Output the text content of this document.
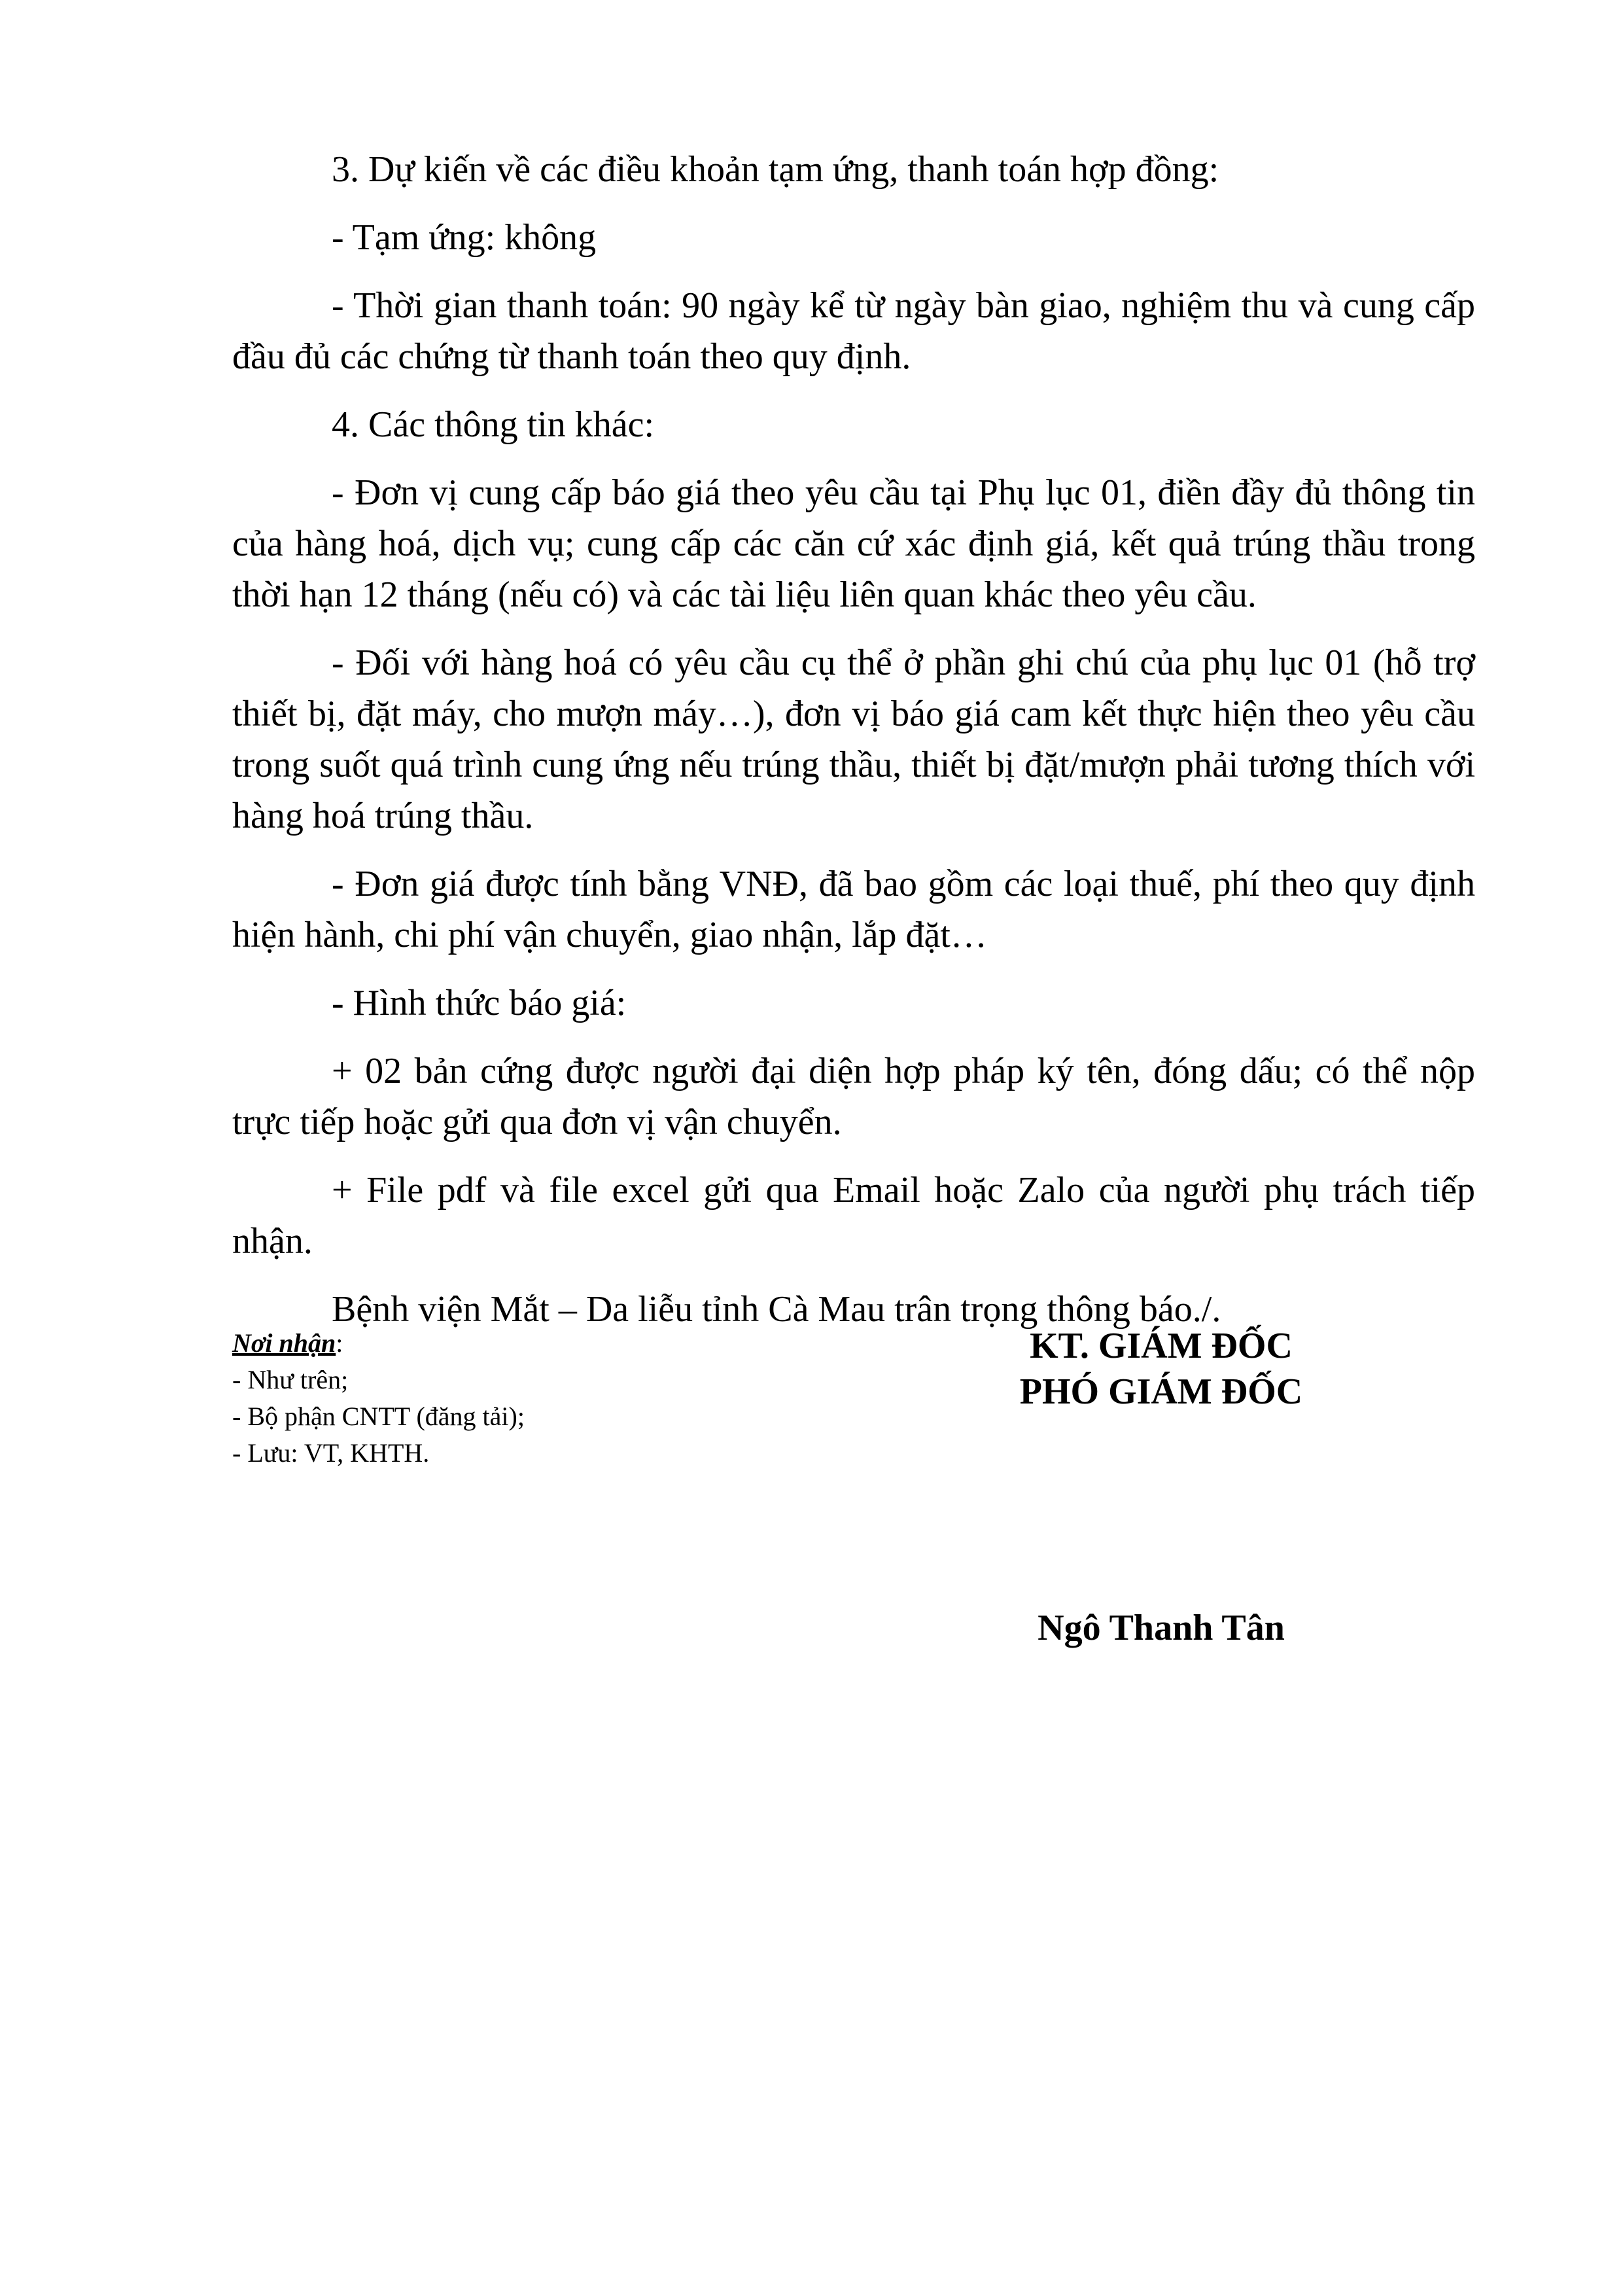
3. Dự kiến về các điều khoản tạm ứng, thanh toán hợp đồng:

- Tạm ứng: không

- Thời gian thanh toán: 90 ngày kể từ ngày bàn giao, nghiệm thu và cung cấp đầu đủ các chứng từ thanh toán theo quy định.

4. Các thông tin khác:

- Đơn vị cung cấp báo giá theo yêu cầu tại Phụ lục 01, điền đầy đủ thông tin của hàng hoá, dịch vụ; cung cấp các căn cứ xác định giá, kết quả trúng thầu trong thời hạn 12 tháng (nếu có) và các tài liệu liên quan khác theo yêu cầu.

- Đối với hàng hoá có yêu cầu cụ thể ở phần ghi chú của phụ lục 01 (hỗ trợ thiết bị, đặt máy, cho mượn máy…), đơn vị báo giá cam kết thực hiện theo yêu cầu trong suốt quá trình cung ứng nếu trúng thầu, thiết bị đặt/mượn phải tương thích với hàng hoá trúng thầu.

- Đơn giá được tính bằng VNĐ, đã bao gồm các loại thuế, phí theo quy định hiện hành, chi phí vận chuyển, giao nhận, lắp đặt…

- Hình thức báo giá:

+ 02 bản cứng được người đại diện hợp pháp ký tên, đóng dấu; có thể nộp trực tiếp hoặc gửi qua đơn vị vận chuyển.

+ File pdf và file excel gửi qua Email hoặc Zalo của người phụ trách tiếp nhận.

Bệnh viện Mắt – Da liễu tỉnh Cà Mau trân trọng thông báo./.

Nơi nhận:

- Như trên;

- Bộ phận CNTT (đăng tải);

- Lưu: VT, KHTH.

KT. GIÁM ĐỐC
PHÓ GIÁM ĐỐC
Ngô Thanh Tân
